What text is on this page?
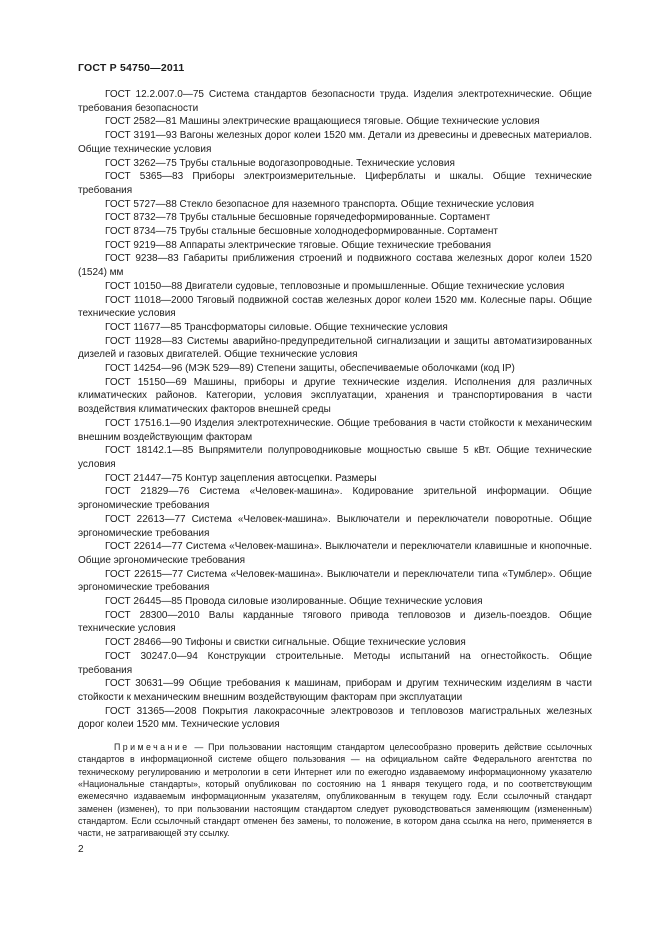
ГОСТ Р 54750—2011

ГОСТ 12.2.007.0—75 Система стандартов безопасности труда. Изделия электротехнические. Общие требования безопасности

ГОСТ 2582—81 Машины электрические вращающиеся тяговые. Общие технические условия

ГОСТ 3191—93 Вагоны железных дорог колеи 1520 мм. Детали из древесины и древесных материалов. Общие технические условия

ГОСТ 3262—75 Трубы стальные водогазопроводные. Технические условия

ГОСТ 5365—83 Приборы электроизмерительные. Циферблаты и шкалы. Общие технические требования

ГОСТ 5727—88 Стекло безопасное для наземного транспорта. Общие технические условия

ГОСТ 8732—78 Трубы стальные бесшовные горячедеформированные. Сортамент

ГОСТ 8734—75 Трубы стальные бесшовные холоднодеформированные. Сортамент

ГОСТ 9219—88 Аппараты электрические тяговые. Общие технические требования

ГОСТ 9238—83 Габариты приближения строений и подвижного состава железных дорог колеи 1520 (1524) мм

ГОСТ 10150—88 Двигатели судовые, тепловозные и промышленные. Общие технические условия

ГОСТ 11018—2000 Тяговый подвижной состав железных дорог колеи 1520 мм. Колесные пары. Общие технические условия

ГОСТ 11677—85 Трансформаторы силовые. Общие технические условия

ГОСТ 11928—83 Системы аварийно-предупредительной сигнализации и защиты автоматизированных дизелей и газовых двигателей. Общие технические условия

ГОСТ 14254—96 (МЭК 529—89) Степени защиты, обеспечиваемые оболочками (код IP)

ГОСТ 15150—69 Машины, приборы и другие технические изделия. Исполнения для различных климатических районов. Категории, условия эксплуатации, хранения и транспортирования в части воздействия климатических факторов внешней среды

ГОСТ 17516.1—90 Изделия электротехнические. Общие требования в части стойкости к механическим внешним воздействующим факторам

ГОСТ 18142.1—85 Выпрямители полупроводниковые мощностью свыше 5 кВт. Общие технические условия

ГОСТ 21447—75 Контур зацепления автосцепки. Размеры

ГОСТ 21829—76 Система «Человек-машина». Кодирование зрительной информации. Общие эргономические требования

ГОСТ 22613—77 Система «Человек-машина». Выключатели и переключатели поворотные. Общие эргономические требования

ГОСТ 22614—77 Система «Человек-машина». Выключатели и переключатели клавишные и кнопочные. Общие эргономические требования

ГОСТ 22615—77 Система «Человек-машина». Выключатели и переключатели типа «Тумблер». Общие эргономические требования

ГОСТ 26445—85 Провода силовые изолированные. Общие технические условия

ГОСТ 28300—2010 Валы карданные тягового привода тепловозов и дизель-поездов. Общие технические условия

ГОСТ 28466—90 Тифоны и свистки сигнальные. Общие технические условия

ГОСТ 30247.0—94 Конструкции строительные. Методы испытаний на огнестойкость. Общие требования

ГОСТ 30631—99 Общие требования к машинам, приборам и другим техническим изделиям в части стойкости к механическим внешним воздействующим факторам при эксплуатации

ГОСТ 31365—2008 Покрытия лакокрасочные электровозов и тепловозов магистральных железных дорог колеи 1520 мм. Технические условия

Примечание — При пользовании настоящим стандартом целесообразно проверить действие ссылочных стандартов в информационной системе общего пользования — на официальном сайте Федерального агентства по техническому регулированию и метрологии в сети Интернет или по ежегодно издаваемому информационному указателю «Национальные стандарты», который опубликован по состоянию на 1 января текущего года, и по соответствующим ежемесячно издаваемым информационным указателям, опубликованным в текущем году. Если ссылочный стандарт заменен (изменен), то при пользовании настоящим стандартом следует руководствоваться заменяющим (измененным) стандартом. Если ссылочный стандарт отменен без замены, то положение, в котором дана ссылка на него, применяется в части, не затрагивающей эту ссылку.
2
